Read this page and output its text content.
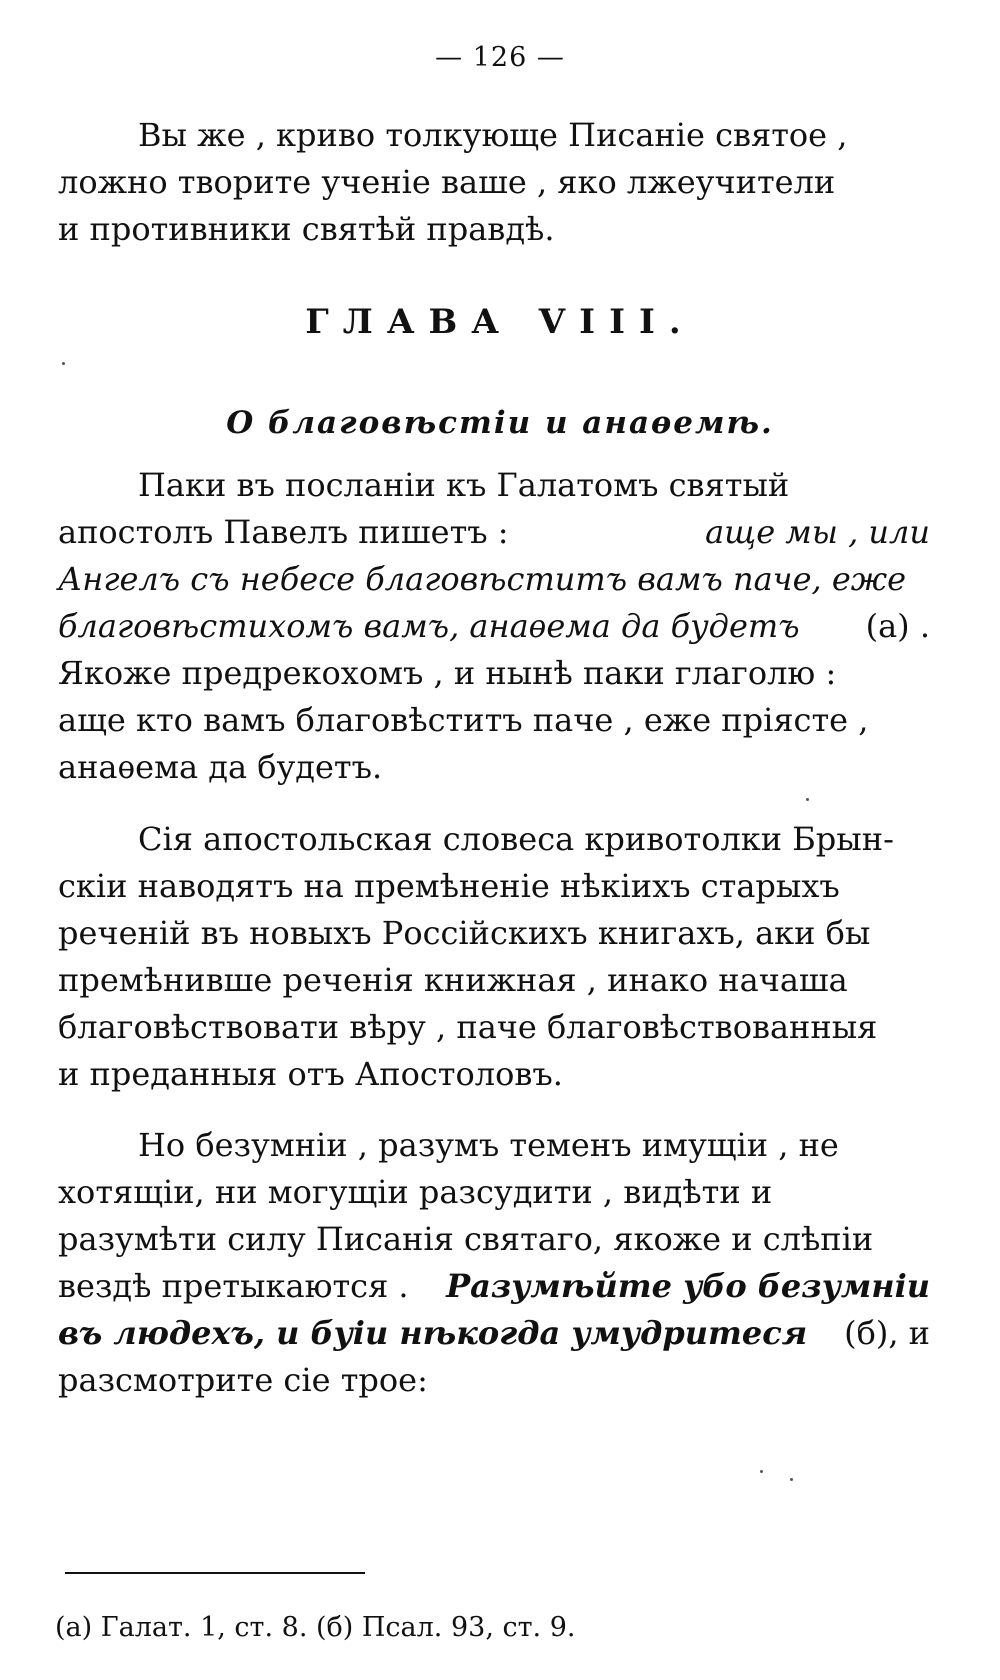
— 126 —
Вы же , криво толкующе Писаніе святое ,
ложно творите ученіе ваше , яко лжеучители
и противники святѣй правдѣ.
ГЛАВА VIII.
О благовѣстіи и анаѳемѣ.
Паки въ посланіи къ Галатомъ святый
апостолъ Павелъ пишетъ :	аще мы , или
Ангелъ съ небесе благовѣститъ вамъ паче, еже
благовѣстихомъ вамъ, анаѳема да будетъ (а) .
Якоже предрекохомъ , и нынѣ паки глаголю :
аще кто вамъ благовѣститъ паче , еже пріясте ,
анаѳема да будетъ.
Сія апостольская словеса кривотолки Брын-
скіи наводятъ на премѣненіе нѣкіихъ старыхъ
реченій въ новыхъ Россійскихъ книгахъ, аки бы
премѣнивше реченія книжная , инако начаша
благовѣствовати вѣру , паче благовѣствованныя
и преданныя отъ Апостоловъ.
Но безумніи , разумъ теменъ имущіи , не
хотящіи, ни могущіи разсудити , видѣти и
разумѣти силу Писанія святаго, якоже и слѣпіи
вездѣ претыкаются . Разумѣйте убо безумніи
въ людехъ, и буіи нѣкогда умудритеся (б), и
разсмотрите сіе трое:
(а) Галат. 1, ст. 8. (б) Псал. 93, ст. 9.
